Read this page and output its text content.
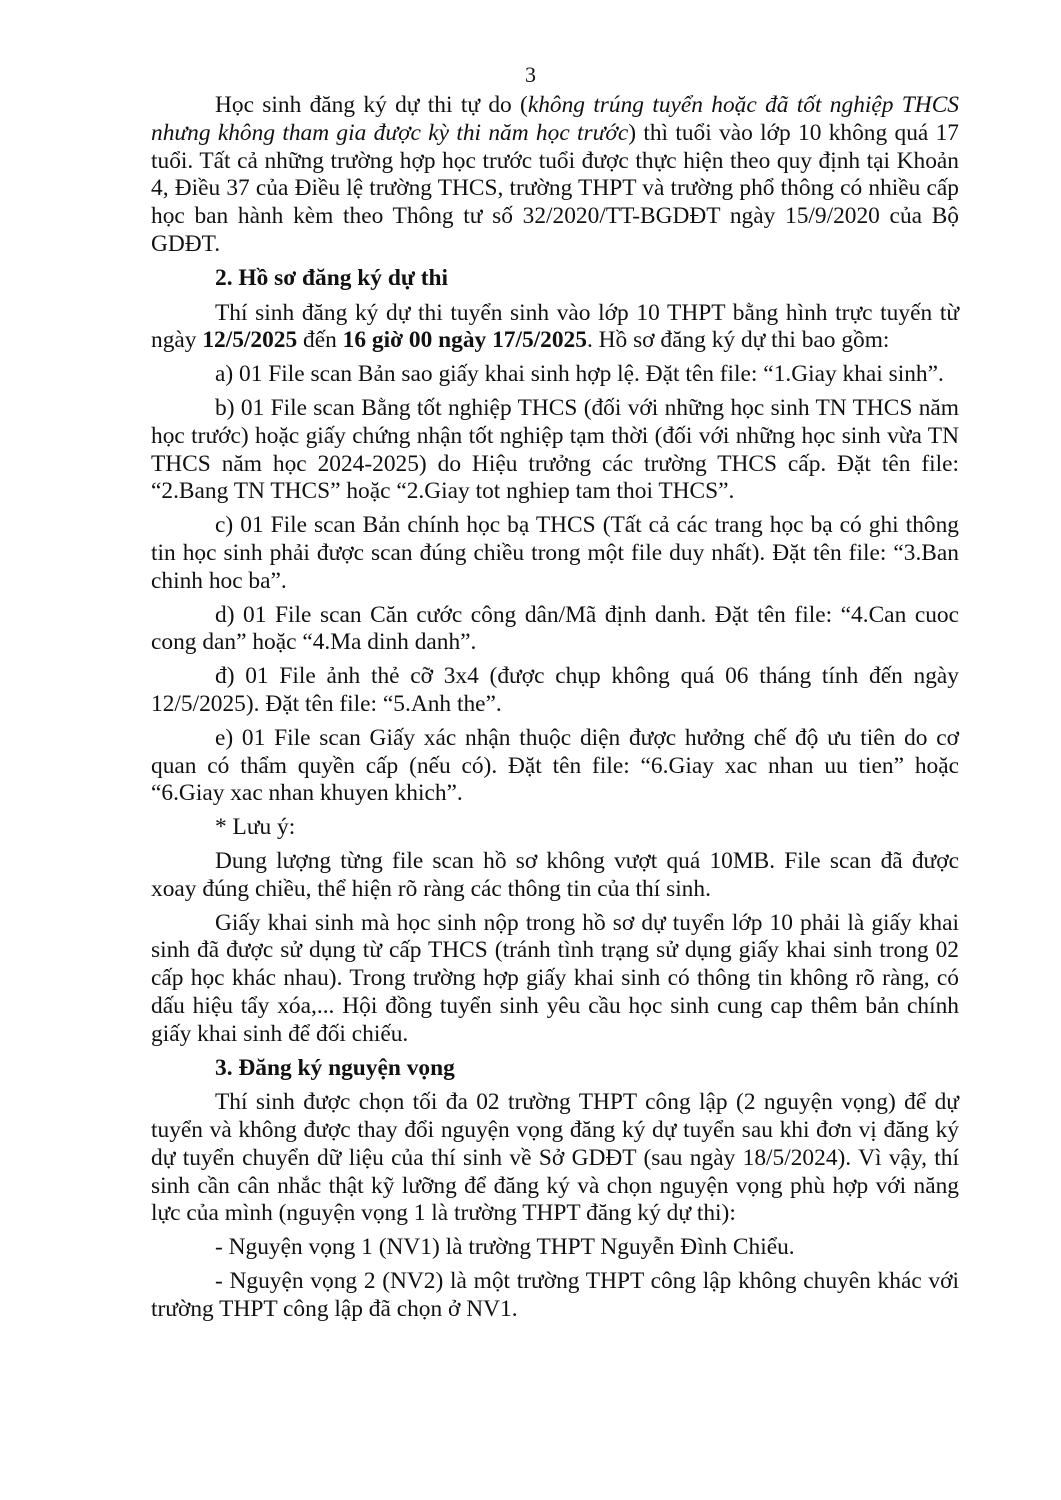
3

Học sinh đăng ký dự thi tự do (không trúng tuyển hoặc đã tốt nghiệp THCS nhưng không tham gia được kỳ thi năm học trước) thì tuổi vào lớp 10 không quá 17 tuổi. Tất cả những trường hợp học trước tuổi được thực hiện theo quy định tại Khoản 4, Điều 37 của Điều lệ trường THCS, trường THPT và trường phổ thông có nhiều cấp học ban hành kèm theo Thông tư số 32/2020/TT-BGDĐT ngày 15/9/2020 của Bộ GDĐT.

2. Hồ sơ đăng ký dự thi

Thí sinh đăng ký dự thi tuyển sinh vào lớp 10 THPT bằng hình trực tuyến từ ngày 12/5/2025 đến 16 giờ 00 ngày 17/5/2025. Hồ sơ đăng ký dự thi bao gồm:

a) 01 File scan Bản sao giấy khai sinh hợp lệ. Đặt tên file: “1.Giay khai sinh”.

b) 01 File scan Bằng tốt nghiệp THCS (đối với những học sinh TN THCS năm học trước) hoặc giấy chứng nhận tốt nghiệp tạm thời (đối với những học sinh vừa TN THCS năm học 2024-2025) do Hiệu trưởng các trường THCS cấp. Đặt tên file: “2.Bang TN THCS” hoặc “2.Giay tot nghiep tam thoi THCS”.

c) 01 File scan Bản chính học bạ THCS (Tất cả các trang học bạ có ghi thông tin học sinh phải được scan đúng chiều trong một file duy nhất). Đặt tên file: “3.Ban chinh hoc ba”.

d) 01 File scan Căn cước công dân/Mã định danh. Đặt tên file: “4.Can cuoc cong dan” hoặc “4.Ma dinh danh”.

đ) 01 File ảnh thẻ cỡ 3x4 (được chụp không quá 06 tháng tính đến ngày 12/5/2025). Đặt tên file: “5.Anh the”.

e) 01 File scan Giấy xác nhận thuộc diện được hưởng chế độ ưu tiên do cơ quan có thẩm quyền cấp (nếu có). Đặt tên file: “6.Giay xac nhan uu tien” hoặc “6.Giay xac nhan khuyen khich”.

* Lưu ý:

Dung lượng từng file scan hồ sơ không vượt quá 10MB. File scan đã được xoay đúng chiều, thể hiện rõ ràng các thông tin của thí sinh.

Giấy khai sinh mà học sinh nộp trong hồ sơ dự tuyển lớp 10 phải là giấy khai sinh đã được sử dụng từ cấp THCS (tránh tình trạng sử dụng giấy khai sinh trong 02 cấp học khác nhau). Trong trường hợp giấy khai sinh có thông tin không rõ ràng, có dấu hiệu tẩy xóa,... Hội đồng tuyển sinh yêu cầu học sinh cung cap thêm bản chính giấy khai sinh để đối chiếu.

3. Đăng ký nguyện vọng

Thí sinh được chọn tối đa 02 trường THPT công lập (2 nguyện vọng) để dự tuyển và không được thay đổi nguyện vọng đăng ký dự tuyển sau khi đơn vị đăng ký dự tuyển chuyển dữ liệu của thí sinh về Sở GDĐT (sau ngày 18/5/2024). Vì vậy, thí sinh cần cân nhắc thật kỹ lưỡng để đăng ký và chọn nguyện vọng phù hợp với năng lực của mình (nguyện vọng 1 là trường THPT đăng ký dự thi):

- Nguyện vọng 1 (NV1) là trường THPT Nguyễn Đình Chiểu.

- Nguyện vọng 2 (NV2) là một trường THPT công lập không chuyên khác với trường THPT công lập đã chọn ở NV1.
